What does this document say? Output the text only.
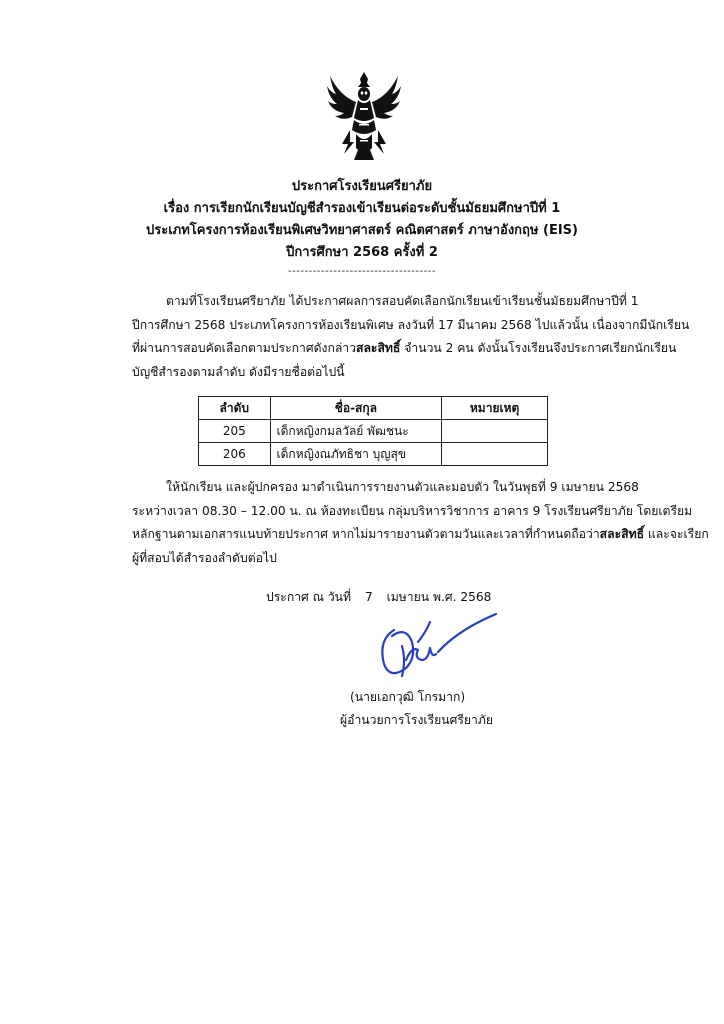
ประกาศโรงเรียนศรียาภัย
เรื่อง การเรียกนักเรียนบัญชีสำรองเข้าเรียนต่อระดับชั้นมัธยมศึกษาปีที่ 1
ประเภทโครงการห้องเรียนพิเศษวิทยาศาสตร์ คณิตศาสตร์ ภาษาอังกฤษ (EIS)
ปีการศึกษา 2568 ครั้งที่ 2
------------------------------------
ตามที่โรงเรียนศรียาภัย ได้ประกาศผลการสอบคัดเลือกนักเรียนเข้าเรียนชั้นมัธยมศึกษาปีที่ 1
ปีการศึกษา 2568 ประเภทโครงการห้องเรียนพิเศษ ลงวันที่ 17 มีนาคม 2568 ไปแล้วนั้น เนื่องจากมีนักเรียน
ที่ผ่านการสอบคัดเลือกตามประกาศดังกล่าวสละสิทธิ์ จำนวน 2 คน ดังนั้นโรงเรียนจึงประกาศเรียกนักเรียน
บัญชีสำรองตามลำดับ ดังมีรายชื่อต่อไปนี้
ลำดับ	ชื่อ-สกุล	หมายเหตุ
205	เด็กหญิงกมลวัลย์ พัฒชนะ	
206	เด็กหญิงณภัทธิชา บุญสุข	
ให้นักเรียน และผู้ปกครอง มาดำเนินการรายงานตัวและมอบตัว ในวันพุธที่ 9 เมษายน 2568
ระหว่างเวลา 08.30 – 12.00 น. ณ ห้องทะเบียน กลุ่มบริหารวิชาการ อาคาร 9 โรงเรียนศรียาภัย โดยเตรียม
หลักฐานตามเอกสารแนบท้ายประกาศ หากไม่มารายงานตัวตามวันและเวลาที่กำหนดถือว่าสละสิทธิ์ และจะเรียก
ผู้ที่สอบได้สำรองลำดับต่อไป
ประกาศ ณ วันที่ 7 เมษายน พ.ศ. 2568
(นายเอกวุฒิ โกรมาก)
ผู้อำนวยการโรงเรียนศรียาภัย
